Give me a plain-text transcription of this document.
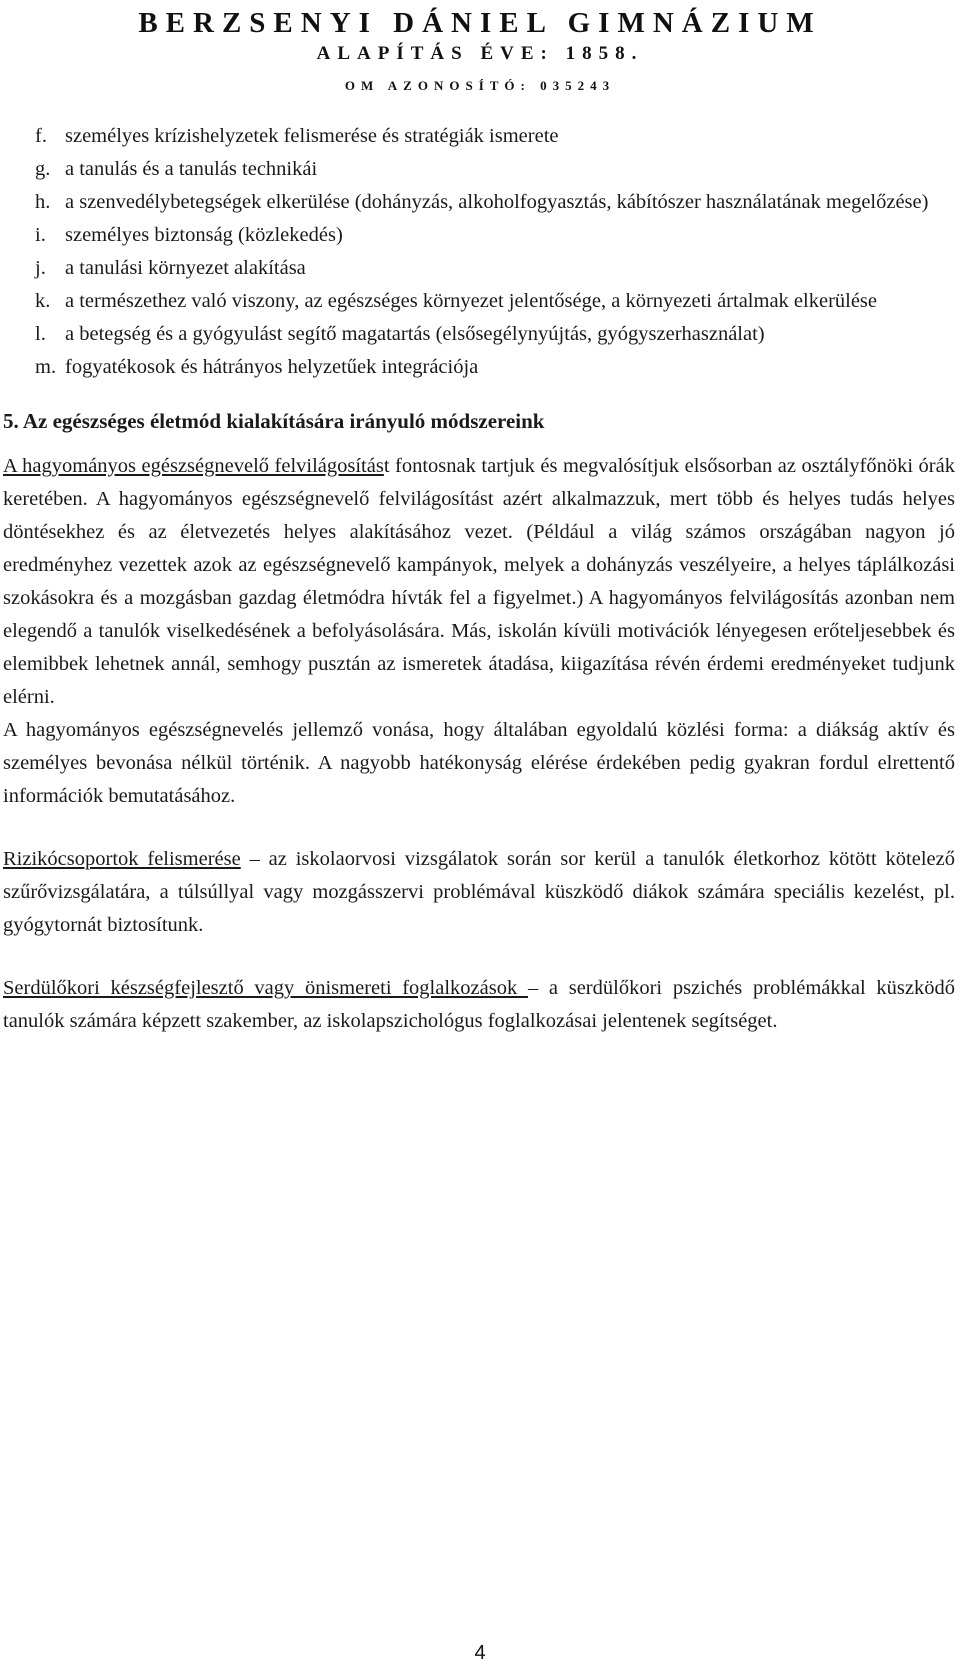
BERZSENYI DÁNIEL GIMNÁZIUM

ALAPÍTÁS ÉVE: 1858.

OM AZONOSÍTÓ: 035243

f. személyes krízishelyzetek felismerése és stratégiák ismerete
g. a tanulás és a tanulás technikái
h. a szenvedélybetegségek elkerülése (dohányzás, alkoholfogyasztás, kábítószer használatának megelőzése)
i. személyes biztonság (közlekedés)
j. a tanulási környezet alakítása
k. a természethez való viszony, az egészséges környezet jelentősége, a környezeti ártalmak elkerülése
l. a betegség és a gyógyulást segítő magatartás (elsősegélynyújtás, gyógyszerhasználat)
m. fogyatékosok és hátrányos helyzetűek integrációja
5. Az egészséges életmód kialakítására irányuló módszereink

A hagyományos egészségnevelő felvilágosítást fontosnak tartjuk és megvalósítjuk elsősorban az osztályfőnöki órák keretében. A hagyományos egészségnevelő felvilágosítást azért alkalmazzuk, mert több és helyes tudás helyes döntésekhez és az életvezetés helyes alakításához vezet. (Például a világ számos országában nagyon jó eredményhez vezettek azok az egészségnevelő kampányok, melyek a dohányzás veszélyeire, a helyes táplálkozási szokásokra és a mozgásban gazdag életmódra hívták fel a figyelmet.) A hagyományos felvilágosítás azonban nem elegendő a tanulók viselkedésének a befolyásolására. Más, iskolán kívüli motivációk lényegesen erőteljesebbek és elemibbek lehetnek annál, semhogy pusztán az ismeretek átadása, kiigazítása révén érdemi eredményeket tudjunk elérni.

A hagyományos egészségnevelés jellemző vonása, hogy általában egyoldalú közlési forma: a diákság aktív és személyes bevonása nélkül történik. A nagyobb hatékonyság elérése érdekében pedig gyakran fordul elrettentő információk bemutatásához.

Rizikócsoportok felismerése – az iskolaorvosi vizsgálatok során sor kerül a tanulók életkorhoz kötött kötelező szűrővizsgálatára, a túlsúllyal vagy mozgásszervi problémával küszködő diákok számára speciális kezelést, pl. gyógytornát biztosítunk.

Serdülőkori készségfejlesztő vagy önismereti foglalkozások – a serdülőkori pszichés problémákkal küszködő tanulók számára képzett szakember, az iskolapszichológus foglalkozásai jelentenek segítséget.

4
